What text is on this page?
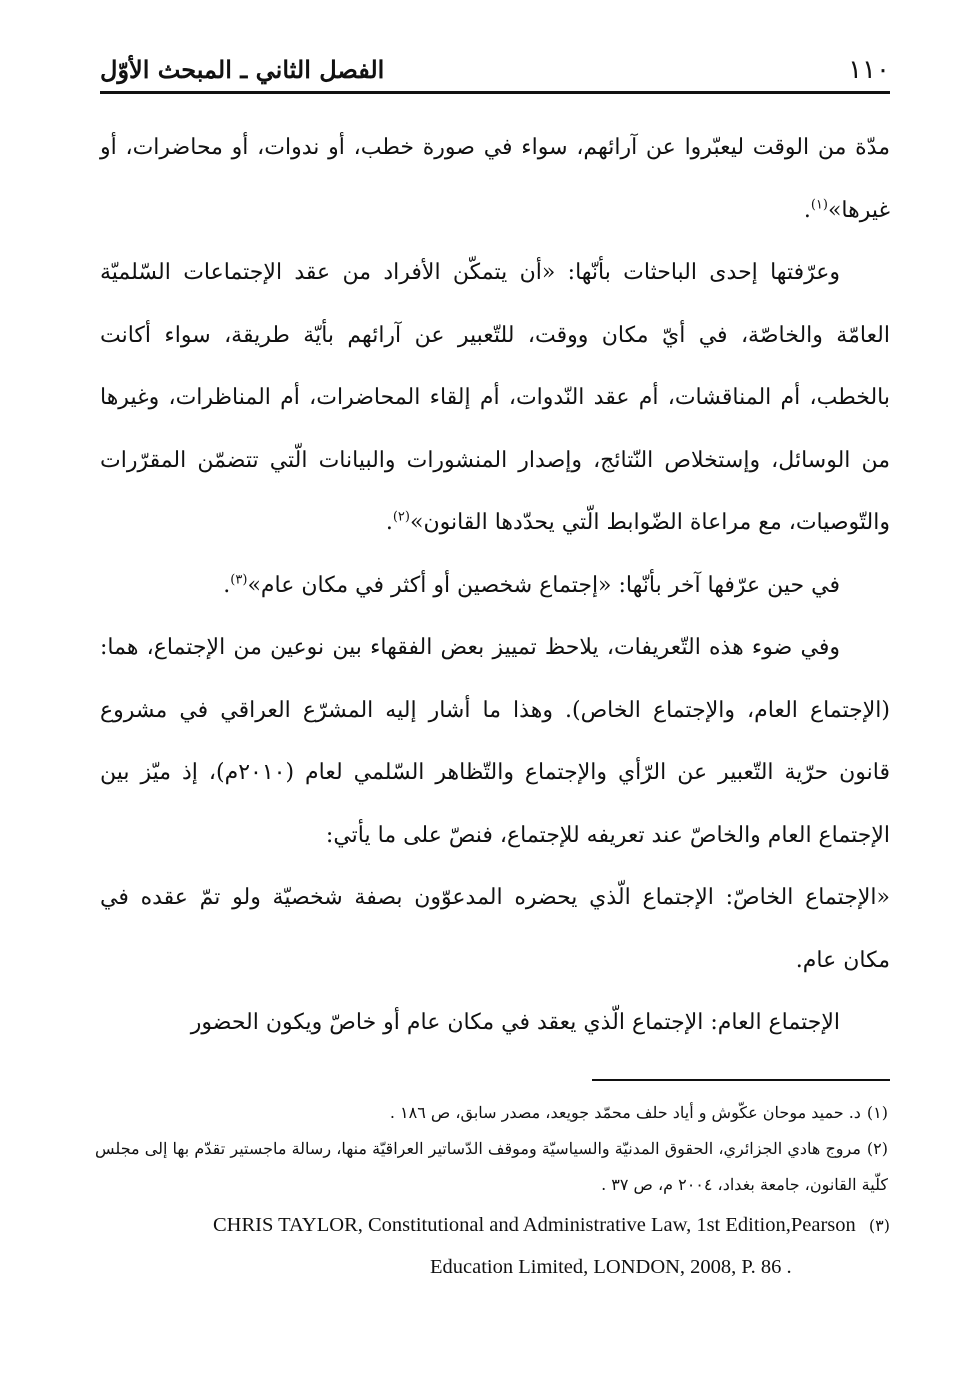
١١٠
الفصل الثاني ـ المبحث الأوّل

مدّة من الوقت ليعبّروا عن آرائهم، سواء في صورة خطب، أو ندوات، أو محاضرات، أو غيرها»$^{(١)}$.

وعرّفتها إحدى الباحثات بأنّها: «أن يتمكّن الأفراد من عقد الإجتماعات السّلميّة العامّة والخاصّة، في أيّ مكان ووقت، للتّعبير عن آرائهم بأيّة طريقة، سواء أكانت بالخطب، أم المناقشات، أم عقد النّدوات، أم إلقاء المحاضرات، أم المناظرات، وغيرها من الوسائل، وإستخلاص النّتائج، وإصدار المنشورات والبيانات الّتي تتضمّن المقرّرات والتّوصيات، مع مراعاة الضّوابط الّتي يحدّدها القانون»$^{(٢)}$.

في حين عرّفها آخر بأنّها: «إجتماع شخصين أو أكثر في مكان عام»$^{(٣)}$.

وفي ضوء هذه التّعريفات، يلاحظ تمييز بعض الفقهاء بين نوعين من الإجتماع، هما: (الإجتماع العام، والإجتماع الخاص). وهذا ما أشار إليه المشرّع العراقي في مشروع قانون حرّية التّعبير عن الرّأي والإجتماع والتّظاهر السّلمي لعام (٢٠١٠م)، إذ ميّز بين الإجتماع العام والخاصّ عند تعريفه للإجتماع، فنصّ على ما يأتي:

«الإجتماع الخاصّ: الإجتماع الّذي يحضره المدعوّون بصفة شخصيّة ولو تمّ عقده في مكان عام.

الإجتماع العام: الإجتماع الّذي يعقد في مكان عام أو خاصّ ويكون الحضور

(١)د. حميد موحان عكّوش و أياد حلف محمّد جويعد، مصدر سابق، ص ١٨٦ .

(٢)مروج هادي الجزائري، الحقوق المدنيّة والسياسيّة وموقف الدّساتير العراقيّة منها، رسالة ماجستير تقدّم بها إلى مجلس كلّية القانون، جامعة بغداد، ٢٠٠٤ م، ص ٣٧ .

CHRIS TAYLOR, Constitutional and Administrative Law, 1st Edition,Pearson (٣)
Education Limited, LONDON, 2008, P. 86 .
